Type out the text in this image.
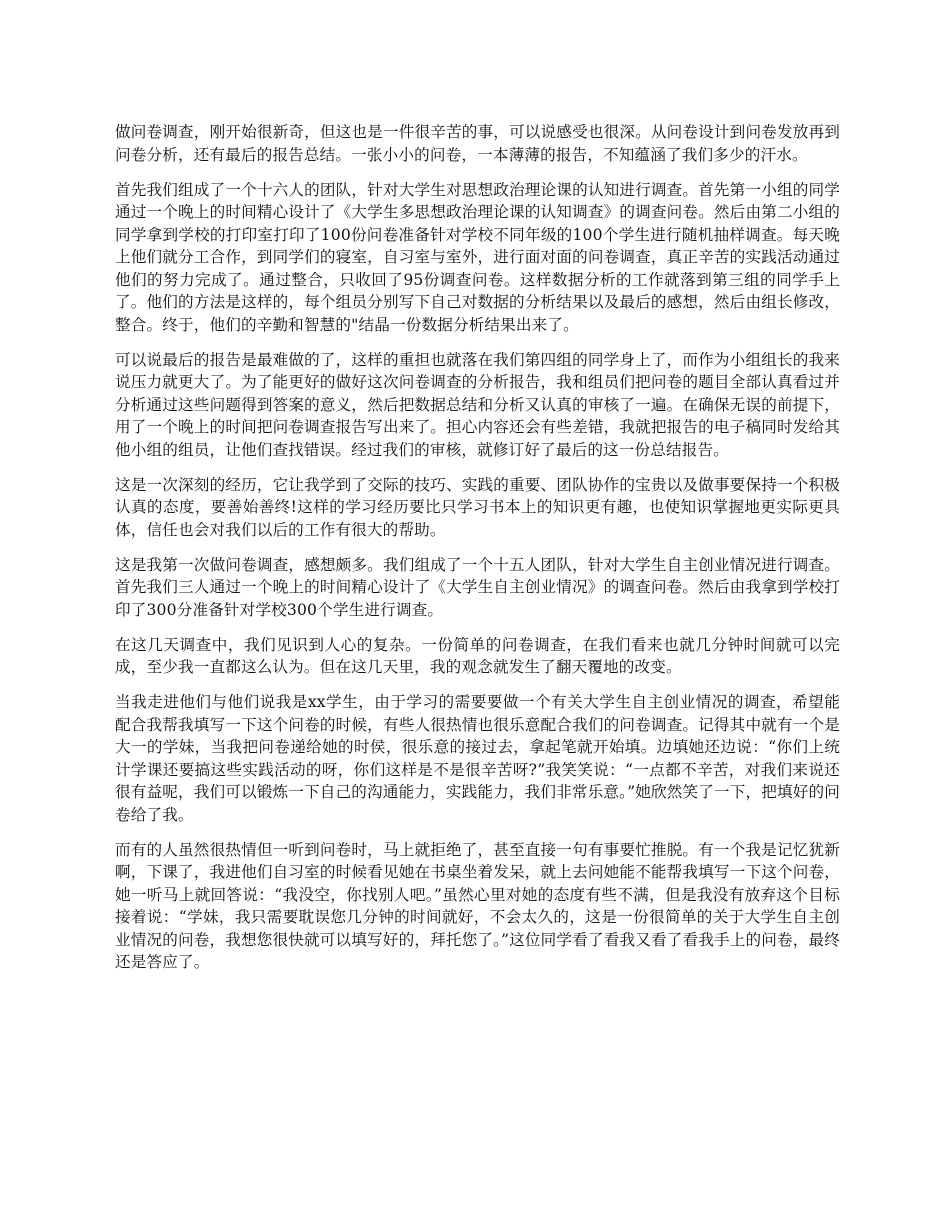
做问卷调查，刚开始很新奇，但这也是一件很辛苦的事，可以说感受也很深。从问卷设计到问卷发放再到问卷分析，还有最后的报告总结。一张小小的问卷，一本薄薄的报告，不知蕴涵了我们多少的汗水。

首先我们组成了一个十六人的团队，针对大学生对思想政治理论课的认知进行调查。首先第一小组的同学通过一个晚上的时间精心设计了《大学生多思想政治理论课的认知调查》的调查问卷。然后由第二小组的同学拿到学校的打印室打印了100份问卷准备针对学校不同年级的100个学生进行随机抽样调查。每天晚上他们就分工合作，到同学们的寝室，自习室与室外，进行面对面的问卷调查，真正辛苦的实践活动通过他们的努力完成了。通过整合，只收回了95份调查问卷。这样数据分析的工作就落到第三组的同学手上了。他们的方法是这样的，每个组员分别写下自己对数据的分析结果以及最后的感想，然后由组长修改，整合。终于，他们的辛勤和智慧的"结晶一份数据分析结果出来了。

可以说最后的报告是最难做的了，这样的重担也就落在我们第四组的同学身上了，而作为小组组长的我来说压力就更大了。为了能更好的做好这次问卷调查的分析报告，我和组员们把问卷的题目全部认真看过并分析通过这些问题得到答案的意义，然后把数据总结和分析又认真的审核了一遍。在确保无误的前提下，用了一个晚上的时间把问卷调查报告写出来了。担心内容还会有些差错，我就把报告的电子稿同时发给其他小组的组员，让他们查找错误。经过我们的审核，就修订好了最后的这一份总结报告。

这是一次深刻的经历，它让我学到了交际的技巧、实践的重要、团队协作的宝贵以及做事要保持一个积极认真的态度，要善始善终!这样的学习经历要比只学习书本上的知识更有趣，也使知识掌握地更实际更具体，信任也会对我们以后的工作有很大的帮助。

这是我第一次做问卷调查，感想颇多。我们组成了一个十五人团队，针对大学生自主创业情况进行调查。首先我们三人通过一个晚上的时间精心设计了《大学生自主创业情况》的调查问卷。然后由我拿到学校打印了300分准备针对学校300个学生进行调查。

在这几天调查中，我们见识到人心的复杂。一份简单的问卷调查，在我们看来也就几分钟时间就可以完成，至少我一直都这么认为。但在这几天里，我的观念就发生了翻天覆地的改变。

当我走进他们与他们说我是xx学生，由于学习的需要要做一个有关大学生自主创业情况的调查，希望能配合我帮我填写一下这个问卷的时候，有些人很热情也很乐意配合我们的问卷调查。记得其中就有一个是大一的学妹，当我把问卷递给她的时侯，很乐意的接过去，拿起笔就开始填。边填她还边说：“你们上统计学课还要搞这些实践活动的呀，你们这样是不是很辛苦呀?”我笑笑说：“一点都不辛苦，对我们来说还很有益呢，我们可以锻炼一下自己的沟通能力，实践能力，我们非常乐意。”她欣然笑了一下，把填好的问卷给了我。

而有的人虽然很热情但一听到问卷时，马上就拒绝了，甚至直接一句有事要忙推脱。有一个我是记忆犹新啊，下课了，我进他们自习室的时候看见她在书桌坐着发呆，就上去问她能不能帮我填写一下这个问卷，她一听马上就回答说：“我没空，你找别人吧。”虽然心里对她的态度有些不满，但是我没有放弃这个目标接着说：“学妹，我只需要耽误您几分钟的时间就好，不会太久的，这是一份很简单的关于大学生自主创业情况的问卷，我想您很快就可以填写好的，拜托您了。”这位同学看了看我又看了看我手上的问卷，最终还是答应了。
